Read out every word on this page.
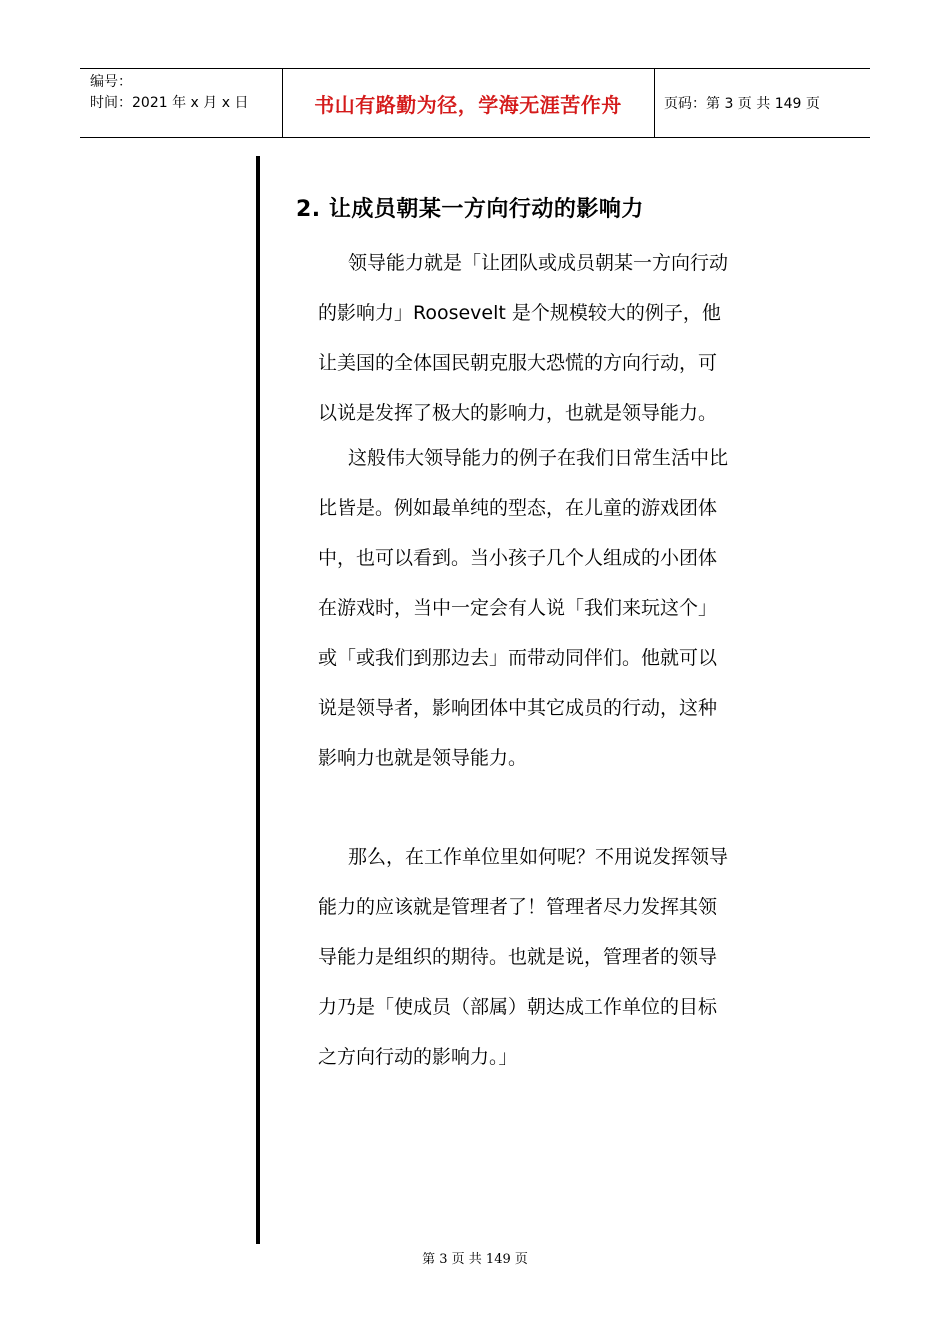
编号：
时间：2021 年 x 月 x 日	书山有路勤为径，学海无涯苦作舟	页码：第 3 页 共 149 页
2. 让成员朝某一方向行动的影响力
领导能力就是「让团队或成员朝某一方向行动
的影响力」Roosevelt 是个规模较大的例子，他
让美国的全体国民朝克服大恐慌的方向行动，可
以说是发挥了极大的影响力，也就是领导能力。
这般伟大领导能力的例子在我们日常生活中比
比皆是。例如最单纯的型态，在儿童的游戏团体
中，也可以看到。当小孩子几个人组成的小团体
在游戏时，当中一定会有人说「我们来玩这个」
或「或我们到那边去」而带动同伴们。他就可以
说是领导者，影响团体中其它成员的行动，这种
影响力也就是领导能力。
那么，在工作单位里如何呢？不用说发挥领导
能力的应该就是管理者了！管理者尽力发挥其领
导能力是组织的期待。也就是说，管理者的领导
力乃是「使成员（部属）朝达成工作单位的目标
之方向行动的影响力。」
第 3 页 共 149 页
